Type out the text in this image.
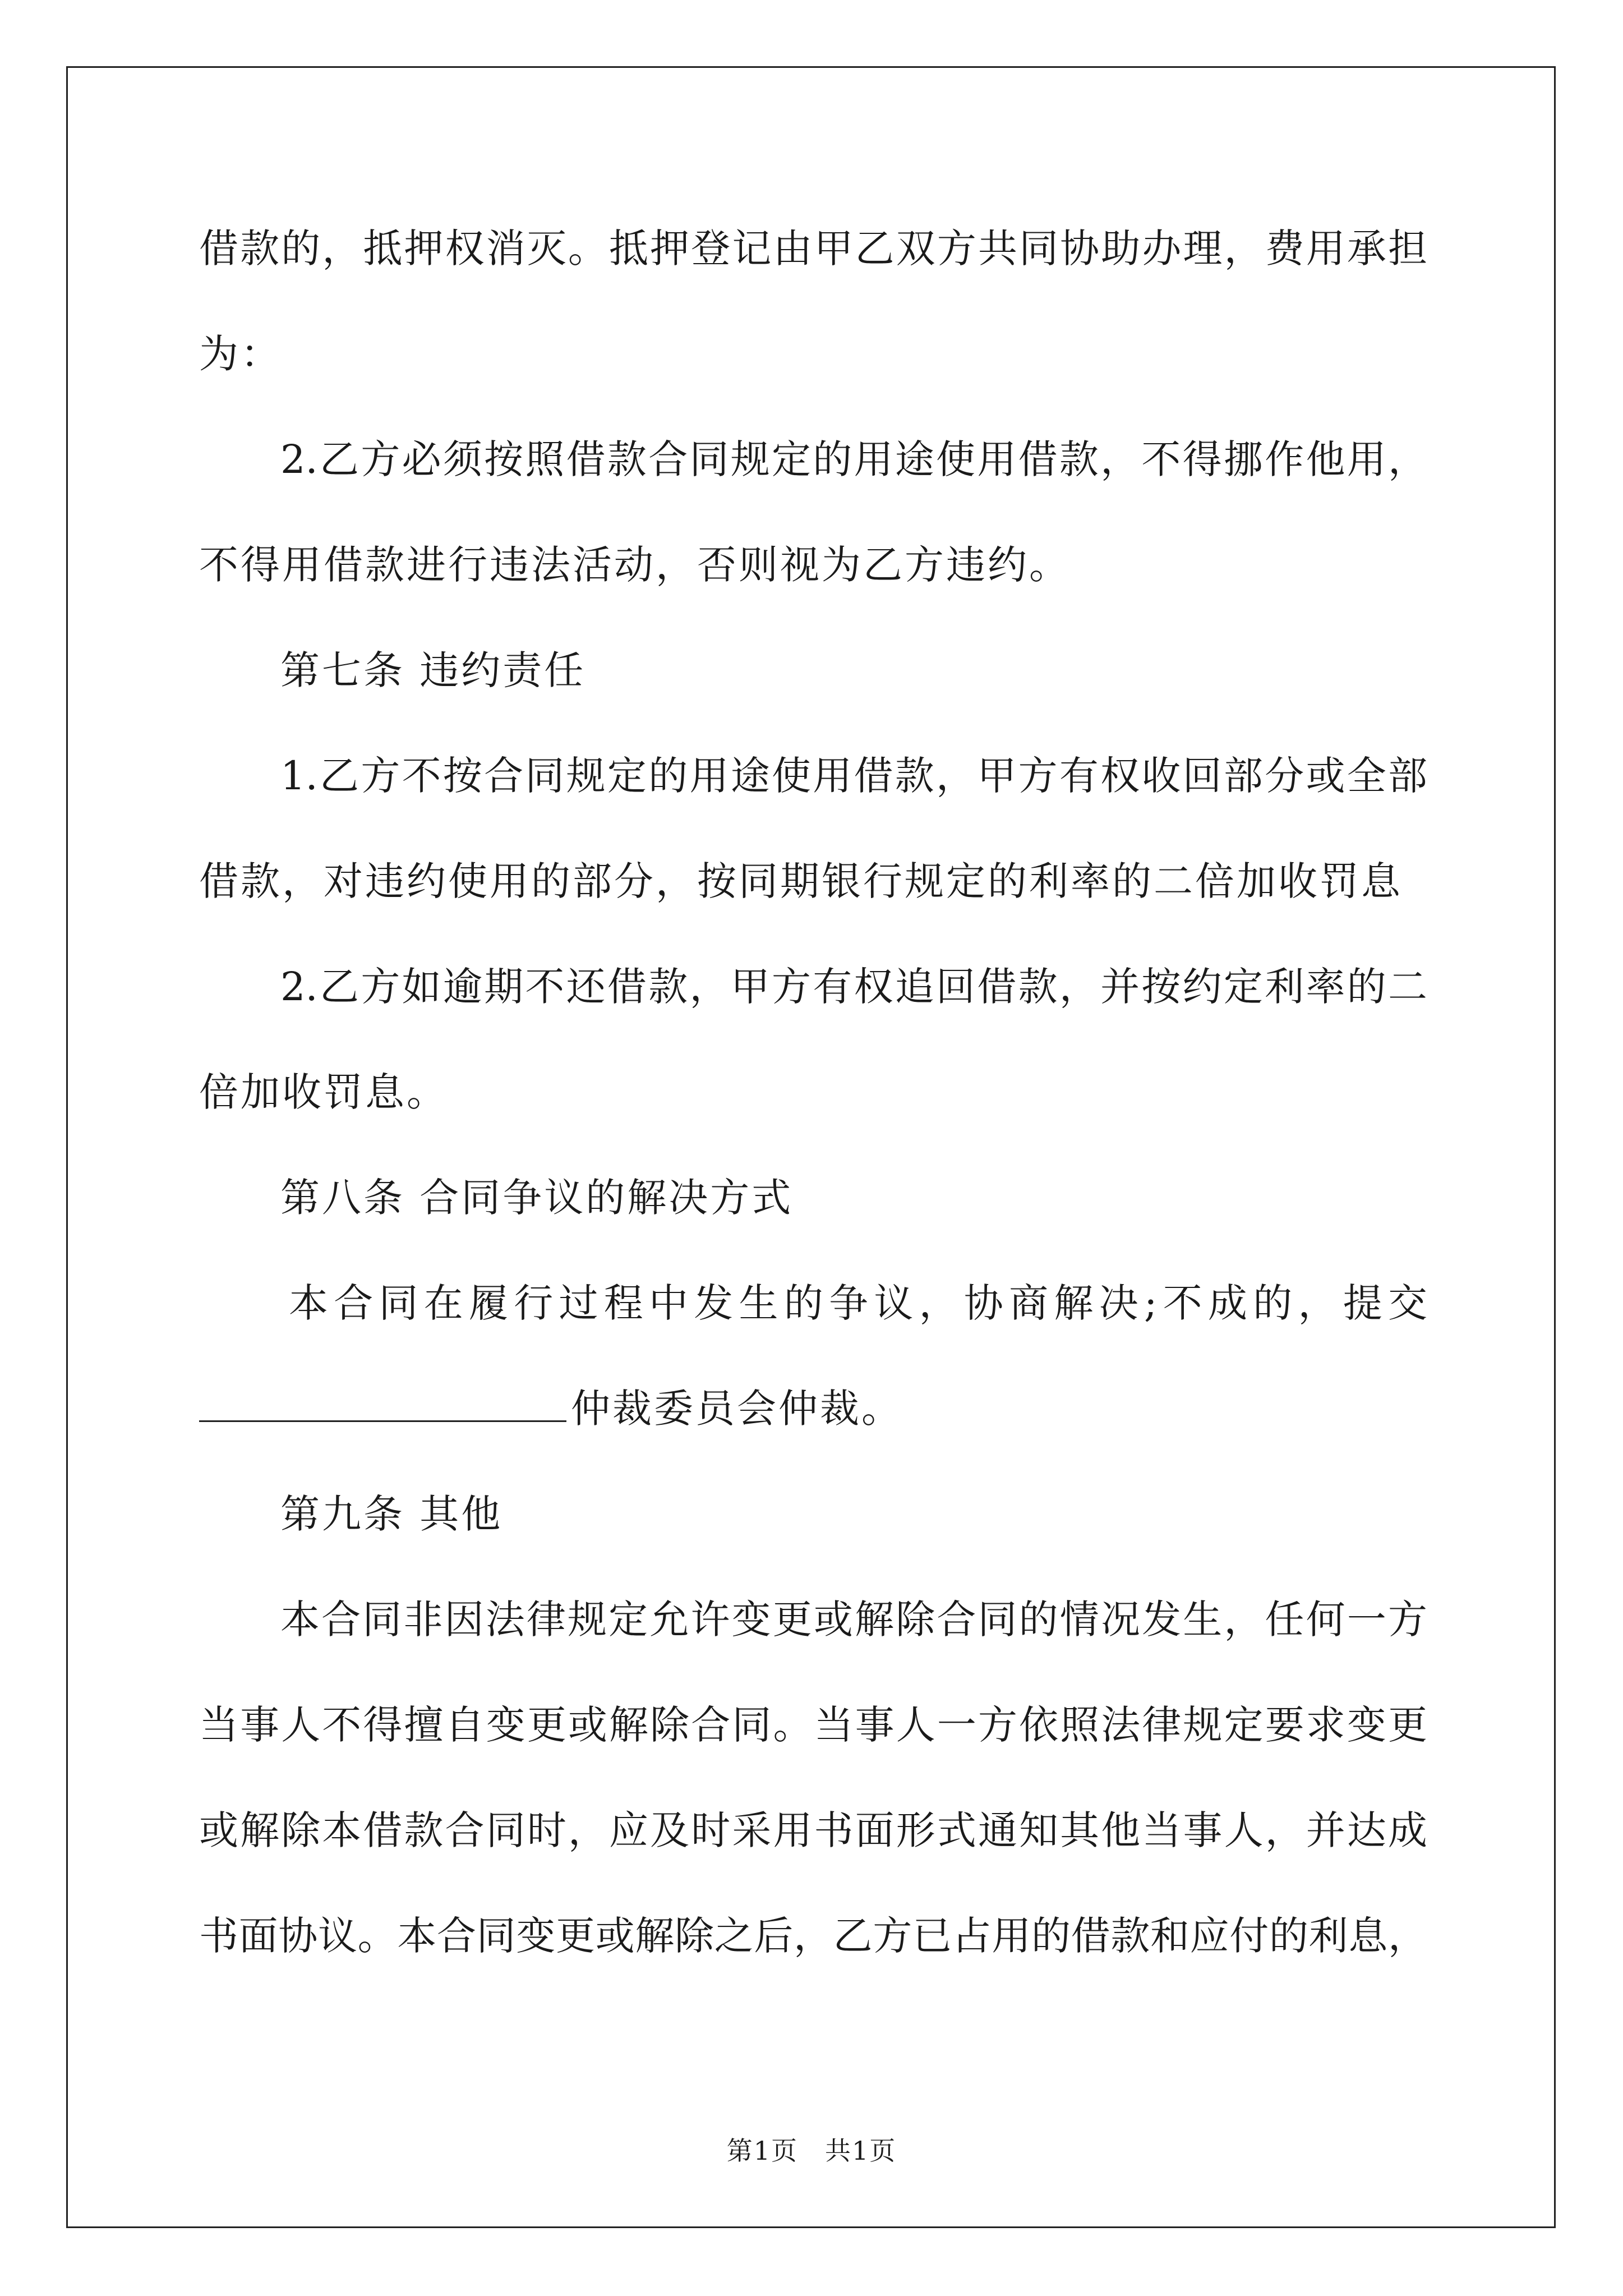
借款的，抵押权消灭。抵押登记由甲乙双方共同协助办理，费用承担
为：
2.乙方必须按照借款合同规定的用途使用借款，不得挪作他用，
不得用借款进行违法活动，否则视为乙方违约。
第七条 违约责任
1.乙方不按合同规定的用途使用借款，甲方有权收回部分或全部
借款，对违约使用的部分，按同期银行规定的利率的二倍加收罚息
2.乙方如逾期不还借款，甲方有权追回借款，并按约定利率的二
倍加收罚息。
第八条 合同争议的解决方式
本合同在履行过程中发生的争议，协商解决;不成的，提交
仲裁委员会仲裁。
第九条 其他
本合同非因法律规定允许变更或解除合同的情况发生，任何一方
当事人不得擅自变更或解除合同。当事人一方依照法律规定要求变更
或解除本借款合同时，应及时采用书面形式通知其他当事人，并达成
书面协议。本合同变更或解除之后，乙方已占用的借款和应付的利息，
第1页　共1页
